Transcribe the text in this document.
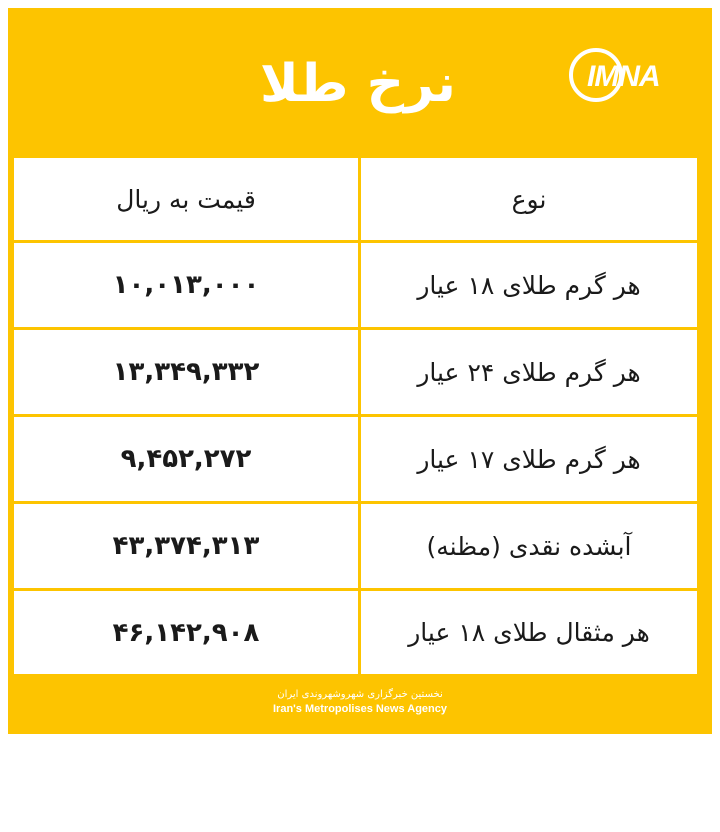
نرخ طلا	IMNA
نوع
قیمت به ریال
هر گرم طلای ۱۸ عیار
۱۰,۰۱۳,۰۰۰
هر گرم طلای ۲۴ عیار
۱۳,۳۴۹,۳۳۲
هر گرم طلای ۱۷ عیار
۹,۴۵۲,۲۷۲
آبشده نقدی (مظنه)
۴۳,۳۷۴,۳۱۳
هر مثقال طلای ۱۸ عیار
۴۶,۱۴۲,۹۰۸
نخستین خبرگزاری شهروشهروندی ایران
Iran's Metropolises News Agency
